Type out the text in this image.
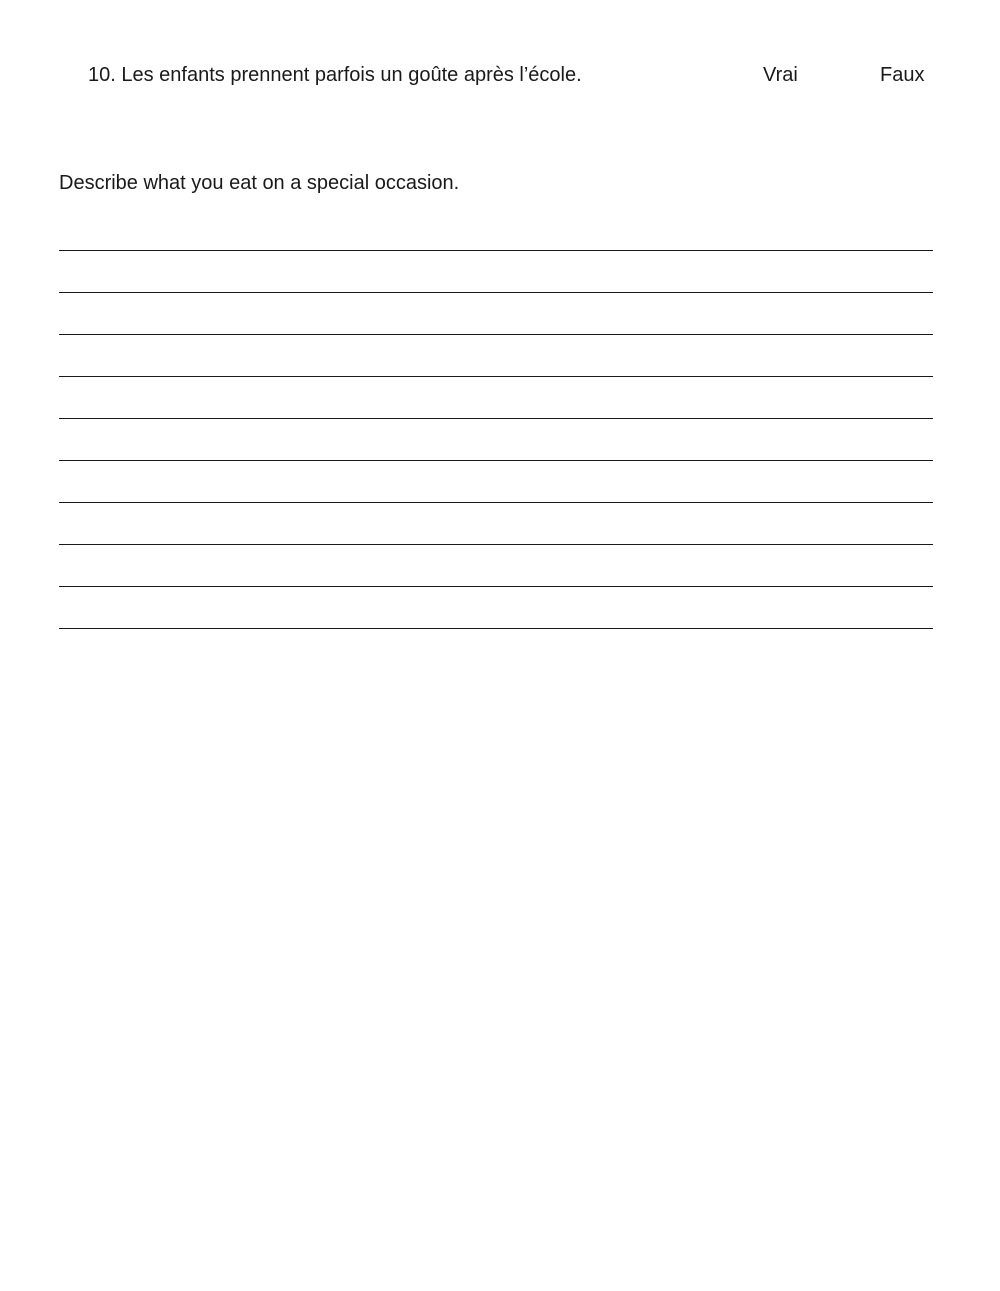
10. Les enfants prennent parfois un goûte après l’école.	Vrai	Faux
Describe what you eat on a special occasion.
